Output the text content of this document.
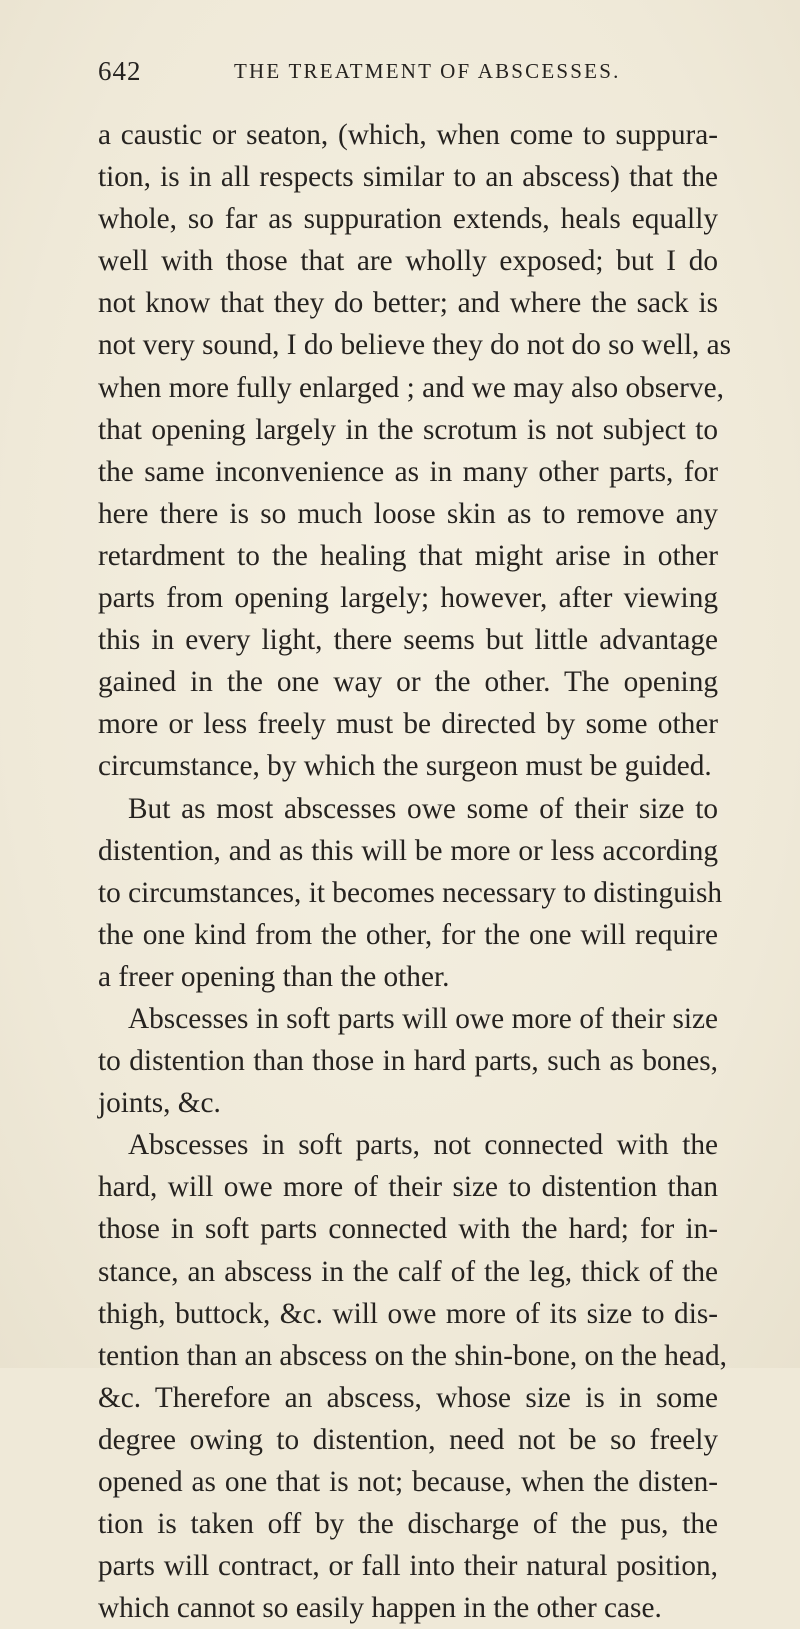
642	THE TREATMENT OF ABSCESSES.
a caustic or seaton, (which, when come to suppura-
tion, is in all respects similar to an abscess) that the
whole, so far as suppuration extends, heals equally
well with those that are wholly exposed; but I do
not know that they do better; and where the sack is
not very sound, I do believe they do not do so well, as
when more fully enlarged ; and we may also observe,
that opening largely in the scrotum is not subject to
the same inconvenience as in many other parts, for
here there is so much loose skin as to remove any
retardment to the healing that might arise in other
parts from opening largely; however, after viewing
this in every light, there seems but little advantage
gained in the one way or the other. The opening
more or less freely must be directed by some other
circumstance, by which the surgeon must be guided.
But as most abscesses owe some of their size to
distention, and as this will be more or less according
to circumstances, it becomes necessary to distinguish
the one kind from the other, for the one will require
a freer opening than the other.
Abscesses in soft parts will owe more of their size
to distention than those in hard parts, such as bones,
joints, &c.
Abscesses in soft parts, not connected with the
hard, will owe more of their size to distention than
those in soft parts connected with the hard; for in-
stance, an abscess in the calf of the leg, thick of the
thigh, buttock, &c. will owe more of its size to dis-
tention than an abscess on the shin-bone, on the head,
&c. Therefore an abscess, whose size is in some
degree owing to distention, need not be so freely
opened as one that is not; because, when the disten-
tion is taken off by the discharge of the pus, the
parts will contract, or fall into their natural position,
which cannot so easily happen in the other case.
